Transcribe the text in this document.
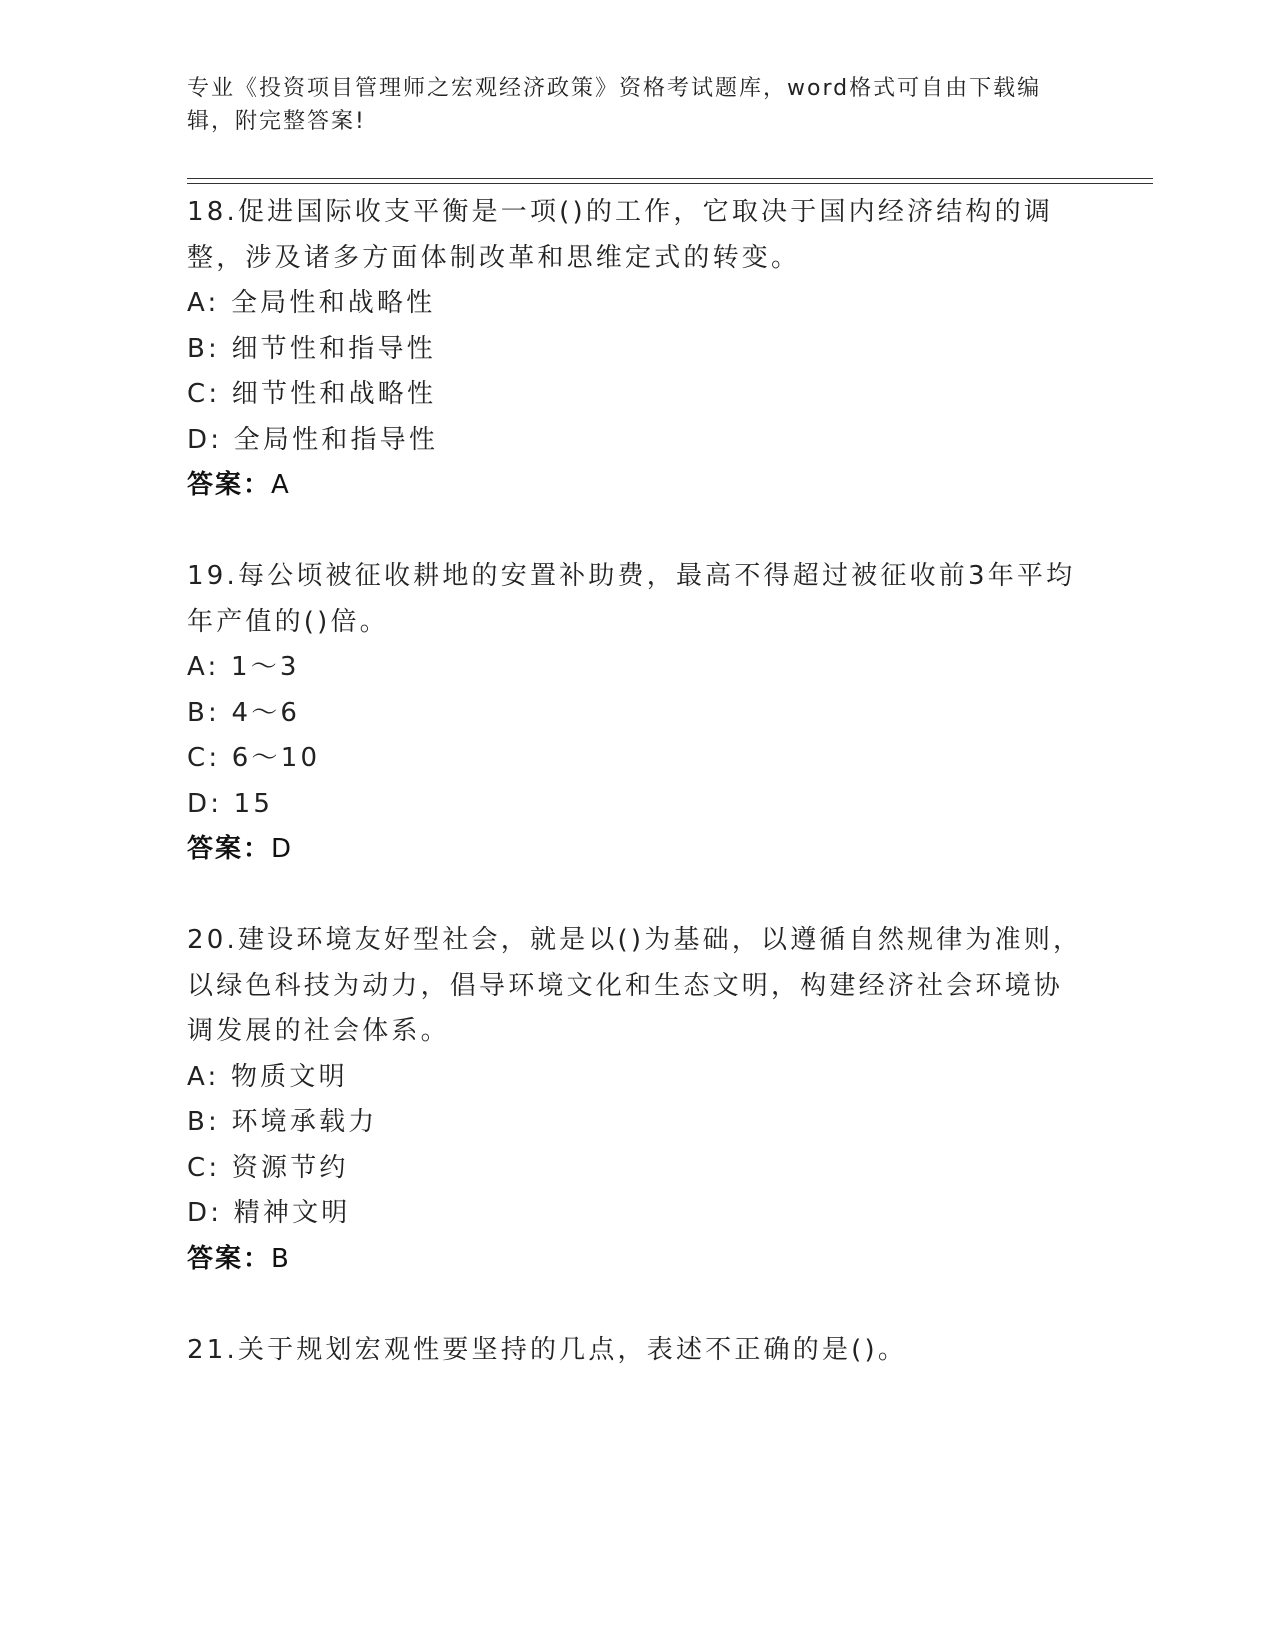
专业《投资项目管理师之宏观经济政策》资格考试题库，word格式可自由下载编
辑，附完整答案!
18.促进国际收支平衡是一项()的工作，它取决于国内经济结构的调整，涉及诸多方面体制改革和思维定式的转变。
A: 全局性和战略性
B: 细节性和指导性
C: 细节性和战略性
D: 全局性和指导性
答案：A
19.每公顷被征收耕地的安置补助费，最高不得超过被征收前3年平均年产值的()倍。
A: 1～3
B: 4～6
C: 6～10
D: 15
答案：D
20.建设环境友好型社会，就是以()为基础，以遵循自然规律为准则，以绿色科技为动力，倡导环境文化和生态文明，构建经济社会环境协调发展的社会体系。
A: 物质文明
B: 环境承载力
C: 资源节约
D: 精神文明
答案：B
21.关于规划宏观性要坚持的几点，表述不正确的是()。
